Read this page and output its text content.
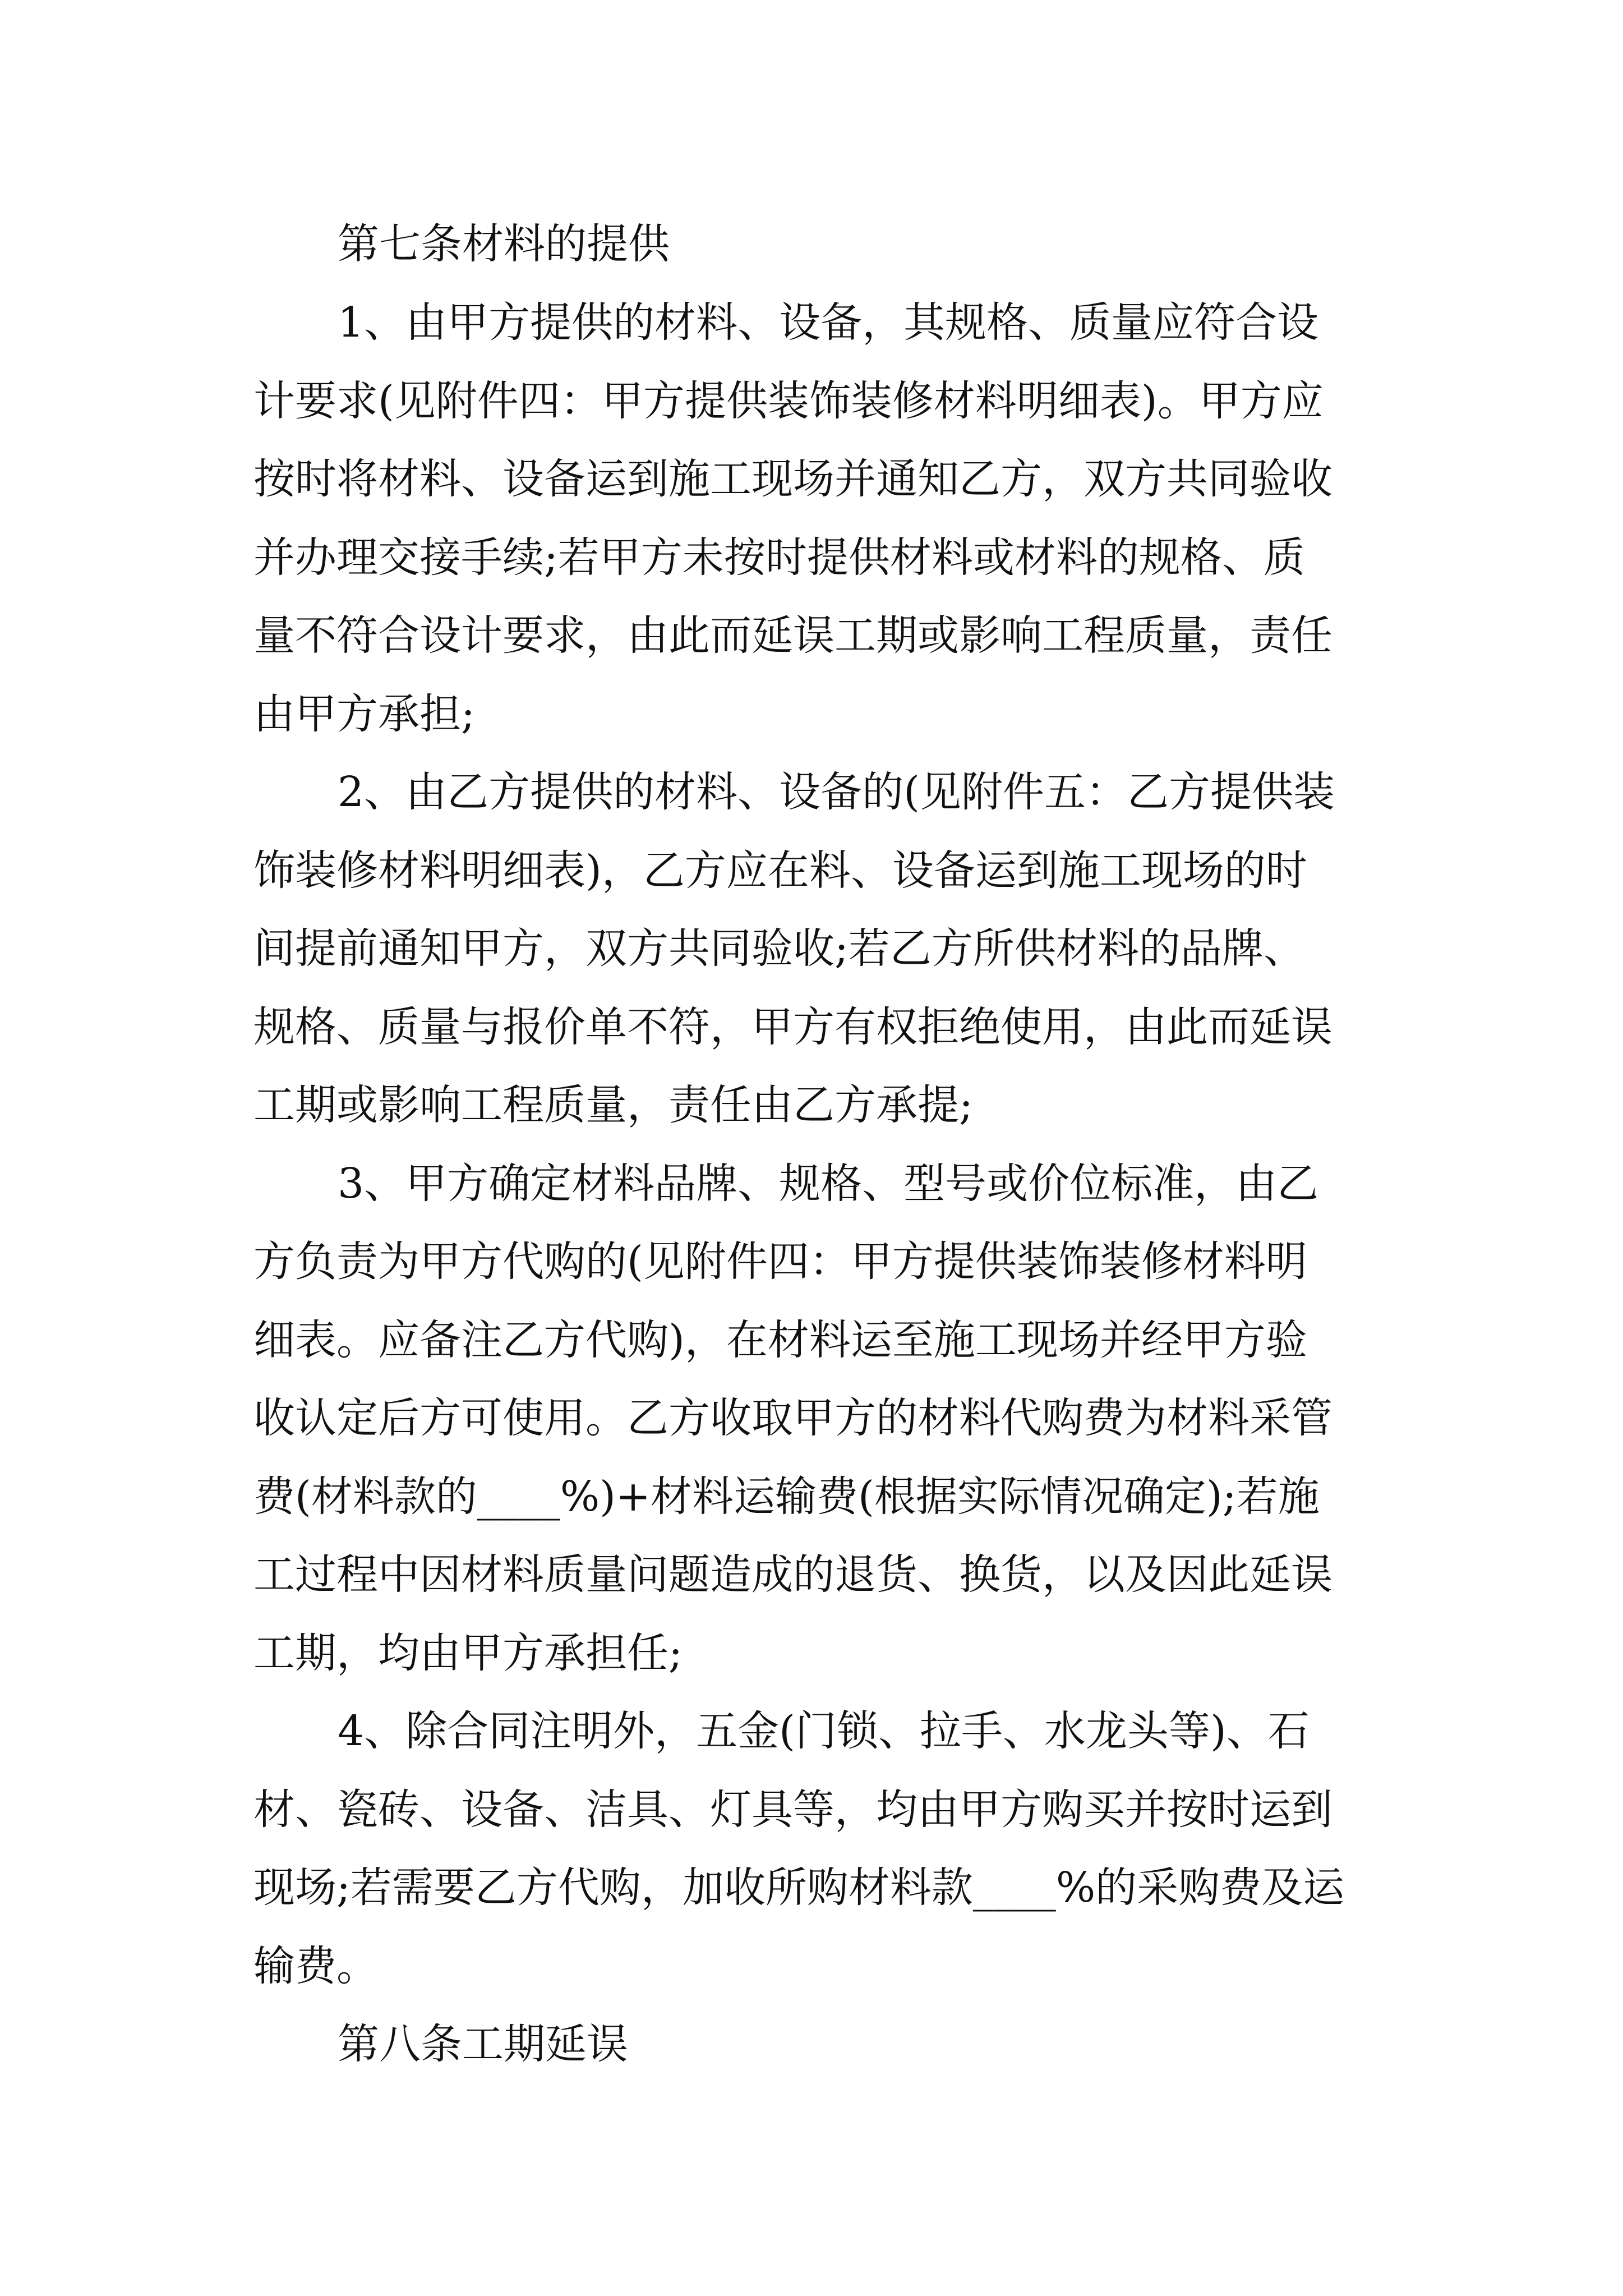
第七条材料的提供
1、由甲方提供的材料、设备，其规格、质量应符合设
计要求(见附件四：甲方提供装饰装修材料明细表)。甲方应
按时将材料、设备运到施工现场并通知乙方，双方共同验收
并办理交接手续;若甲方未按时提供材料或材料的规格、质
量不符合设计要求，由此而延误工期或影响工程质量，责任
由甲方承担;
2、由乙方提供的材料、设备的(见附件五：乙方提供装
饰装修材料明细表)，乙方应在料、设备运到施工现场的时
间提前通知甲方，双方共同验收;若乙方所供材料的品牌、
规格、质量与报价单不符，甲方有权拒绝使用，由此而延误
工期或影响工程质量，责任由乙方承提;
3、甲方确定材料品牌、规格、型号或价位标准，由乙
方负责为甲方代购的(见附件四：甲方提供装饰装修材料明
细表。应备注乙方代购)，在材料运至施工现场并经甲方验
收认定后方可使用。乙方收取甲方的材料代购费为材料采管
费(材料款的____%)+材料运输费(根据实际情况确定);若施
工过程中因材料质量问题造成的退货、换货，以及因此延误
工期，均由甲方承担任;
4、除合同注明外，五金(门锁、拉手、水龙头等)、石
材、瓷砖、设备、洁具、灯具等，均由甲方购买并按时运到
现场;若需要乙方代购，加收所购材料款____%的采购费及运
输费。
第八条工期延误
